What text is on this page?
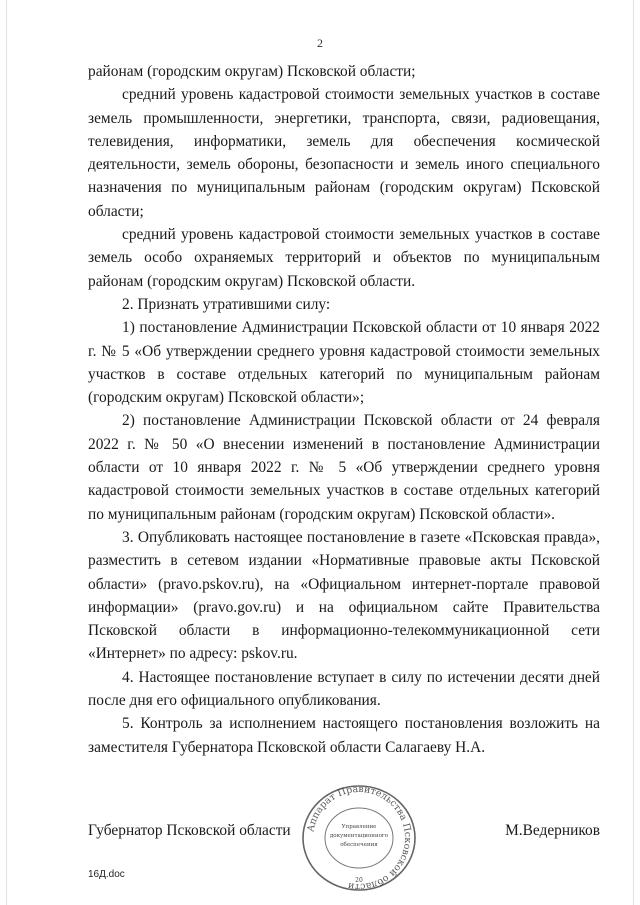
2

районам (городским округам) Псковской области;

средний уровень кадастровой стоимости земельных участков в составе земель промышленности, энергетики, транспорта, связи, радиовещания, телевидения, информатики, земель для обеспечения космической деятельности, земель обороны, безопасности и земель иного специального назначения по муниципальным районам (городским округам) Псковской области;

средний уровень кадастровой стоимости земельных участков в составе земель особо охраняемых территорий и объектов по муниципальным районам (городским округам) Псковской области.

2. Признать утратившими силу:

1) постановление Администрации Псковской области от 10 января 2022 г. № 5 «Об утверждении среднего уровня кадастровой стоимости земельных участков в составе отдельных категорий по муниципальным районам (городским округам) Псковской области»;

2) постановление Администрации Псковской области от 24 февраля 2022 г. № 50 «О внесении изменений в постановление Администрации области от 10 января 2022 г. № 5 «Об утверждении среднего уровня кадастровой стоимости земельных участков в составе отдельных категорий по муниципальным районам (городским округам) Псковской области».

3. Опубликовать настоящее постановление в газете «Псковская правда», разместить в сетевом издании «Нормативные правовые акты Псковской области» (pravo.pskov.ru), на «Официальном интернет-портале правовой информации» (pravo.gov.ru) и на официальном сайте Правительства Псковской области в информационно-телекоммуникационной сети «Интернет» по адресу: pskov.ru.

4. Настоящее постановление вступает в силу по истечении десяти дней после дня его официального опубликования.

5. Контроль за исполнением настоящего постановления возложить на заместителя Губернатора Псковской области Салагаеву Н.А.

Губернатор Псковской области	М.Ведерников
Аппарат Правительства Псковской области
Управление
документационного
обеспечения
20
16Д.doc
